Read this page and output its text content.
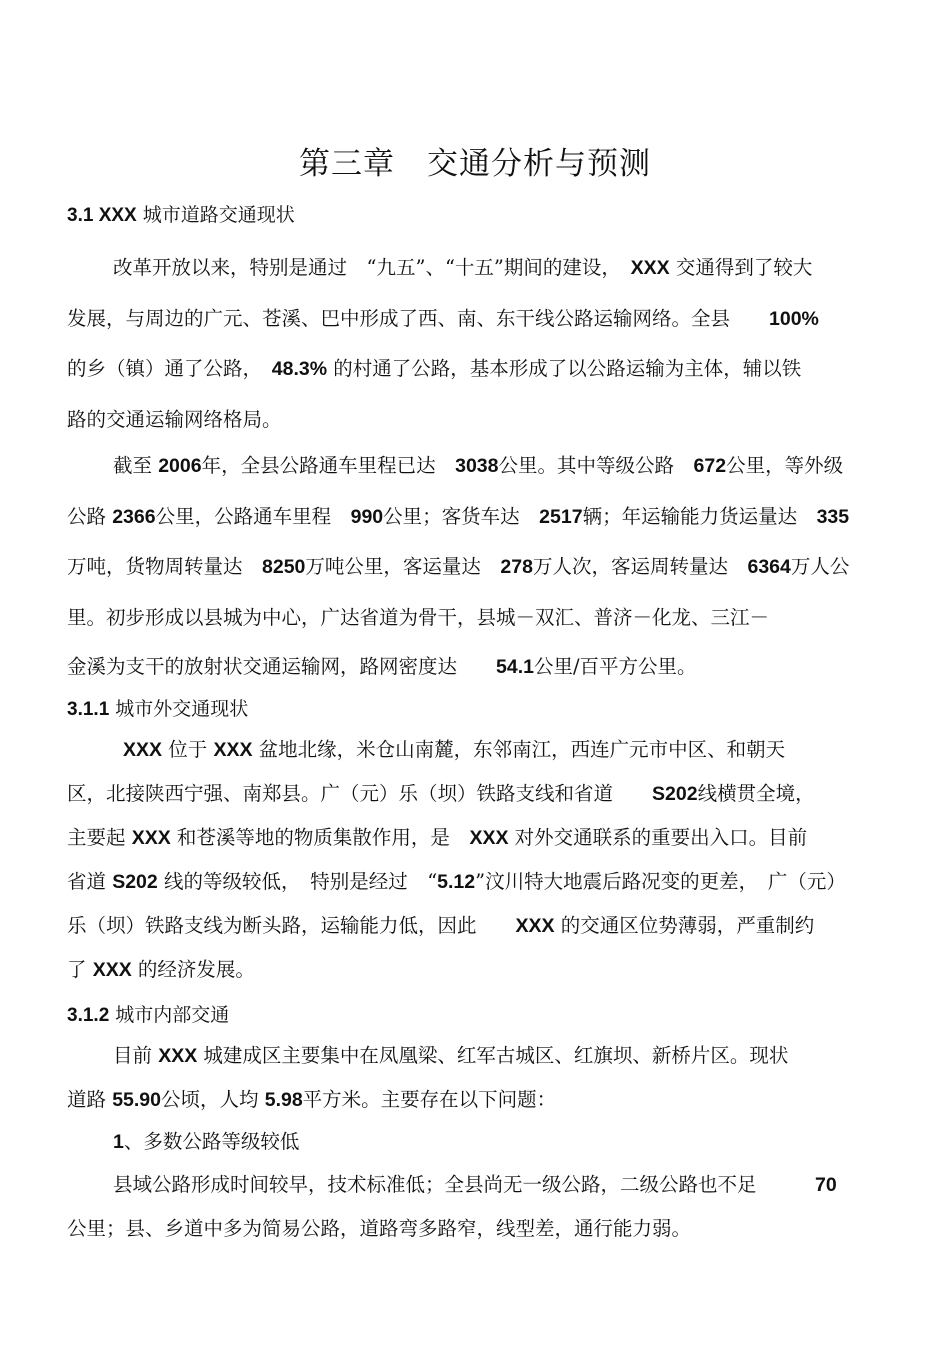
第三章　交通分析与预测
3.1 XXX 城市道路交通现状
改革开放以来，特别是通过　“九五”、“十五”期间的建设，　XXX 交通得到了较大
发展，与周边的广元、苍溪、巴中形成了西、南、东干线公路运输网络。全县　　100%
的乡（镇）通了公路，　48.3% 的村通了公路，基本形成了以公路运输为主体，辅以铁
路的交通运输网络格局。
截至 2006年，全县公路通车里程已达　3038公里。其中等级公路　672公里，等外级
公路 2366公里，公路通车里程　990公里；客货车达　2517辆；年运输能力货运量达　335
万吨，货物周转量达　8250万吨公里，客运量达　278万人次，客运周转量达　6364万人公
里。初步形成以县城为中心，广达省道为骨干，县城－双汇、普济－化龙、三江－
金溪为支干的放射状交通运输网，路网密度达　　54.1公里/百平方公里。
3.1.1 城市外交通现状
XXX 位于 XXX 盆地北缘，米仓山南麓，东邻南江，西连广元市中区、和朝天
区，北接陕西宁强、南郑县。广（元）乐（坝）铁路支线和省道　　S202线横贯全境，
主要起 XXX 和苍溪等地的物质集散作用，是　XXX 对外交通联系的重要出入口。目前
省道 S202 线的等级较低，　特别是经过　“5.12”汶川特大地震后路况变的更差，　广（元）
乐（坝）铁路支线为断头路，运输能力低，因此　　XXX 的交通区位势薄弱，严重制约
了 XXX 的经济发展。
3.1.2 城市内部交通
目前 XXX 城建成区主要集中在凤凰梁、红军古城区、红旗坝、新桥片区。现状
道路 55.90公顷，人均 5.98平方米。主要存在以下问题：
1、多数公路等级较低
县域公路形成时间较早，技术标准低；全县尚无一级公路，二级公路也不足　　　70
公里；县、乡道中多为简易公路，道路弯多路窄，线型差，通行能力弱。
